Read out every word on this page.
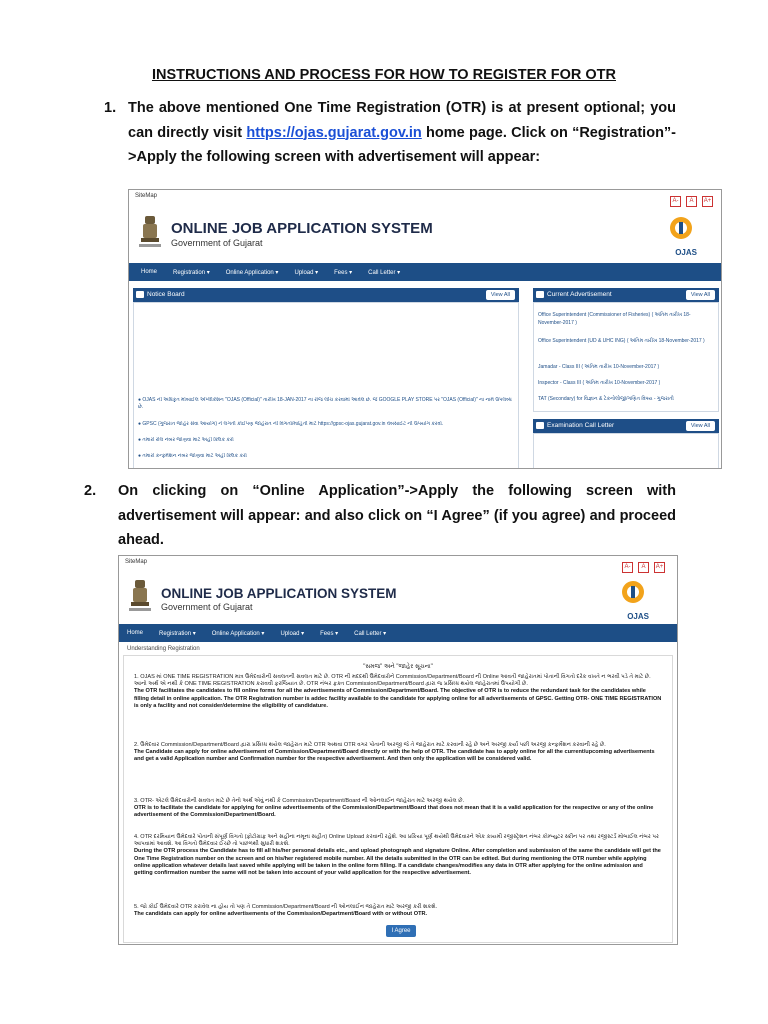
INSTRUCTIONS AND PROCESS FOR HOW TO REGISTER FOR OTR
1. The above mentioned One Time Registration (OTR) is at present optional; you can directly visit https://ojas.gujarat.gov.in home page. Click on “Registration”->Apply the following screen with advertisement will appear:

SiteMap
A-	A	A+
ONLINE JOB APPLICATION SYSTEM
Government of Gujarat
OJAS
Home	Registration ▾	Online Application ▾	Upload ▾	Fees ▾	Call Letter ▾
Notice Board	View All
● OJAS ની અધિકૃત મોબાઈલ એપ્લીકેશન "OJAS (Official)" તારીખ 18-JAN-2017 ના રોજ લોંચ કરવામાં આવેલ છે. જે GOOGLE PLAY STORE પર "OJAS (Official)" ના નામે ઉપલબ્ધ છે.
● GPSC (ગુજરાત જાહેર સેવા આયોગ) ને લગતી કોઈપણ જાહેરાત ની વિગતો/માહિતી માટે https://gpsc-ojas.gujarat.gov.in વેબસાઈટ ની ઉપયોગ કરવો.
● તમારો રોલ નંબર જાણવા માટે અહીં ક્લિક કરો
● તમારો કન્ફર્મેશન નંબર જાણવા માટે અહીં ક્લિક કરો
Current Advertisement	View All
Office Superintendent (Commissioner of Fisheries) ( અંતિમ તારીખ 18-November-2017 )
Office Superintendent (UD & UHC ING) ( અંતિમ તારીખ 18-November-2017 )
Jamadar - Class III ( અંતિમ તારીખ 10-November-2017 )
Inspector - Class III ( અંતિમ તારીખ 10-November-2017 )
TAT (Secondary) for વિજ્ઞાન & ટેકનોલોજી/ગણિત વિષય - ગુજરાતી
Examination Call Letter	View All
2. On clicking on “Online Application”->Apply the following screen with advertisement will appear: and also click on “I Agree” (if you agree) and proceed ahead.

SiteMap
A-	A	A+
ONLINE JOB APPLICATION SYSTEM
Government of Gujarat
OJAS
Home	Registration ▾	Online Application ▾	Upload ▾	Fees ▾	Call Letter ▾
Understanding Registration
"સમજ" અને "જાહેર સૂચના"
1. OJAS માં ONE TIME REGISTRATION માત્ર ઉમેદવારોની સવલતની સવલત માટે છે. OTR ની મદદથી ઉમેદવારોને Commission/Department/Board ની Online આવતી જાહેરાતમાં પોતાની વિગતો દરેક વખતે ન ભરવી પડે તે માટે છે. આનો અર્થ એ નથી કે ONE TIME REGISTRATION કરાવવી ફરજિયાત છે. OTR નંબર ફક્ત Commission/Department/Board દ્વારા જ પ્રસિધ્ધ થયેલ જાહેરાતમાં ઉપયોગી છે.
The OTR facilitates the candidates to fill online forms for all the advertisements of Commission/Department/Board. The objective of OTR is to reduce the redundant task for the candidates while filling detail in online application. The OTR Registration number is addec facility available to the candidate for applying online for all advertisements of GPSC. Getting OTR- ONE TIME REGISTRATION is only a facility and not consider/determine the eligibility of candidature.
2. ઉમેદવાર Commission/Department/Board દ્વારા પ્રસિધ્ધ થયેલ જાહેરાત માટે OTR અથવા OTR વગર પોતાની અરજી જે તે જાહેરાત માટે કરવાની રહે છે અને અરજી કર્યા પછી અરજી કન્ફર્મેશન કરવાની રહે છે.
The Candidate can apply for online advertisement of Commission/Department/Board directly or with the help of OTR. The candidate has to apply online for all the current/upcoming advertisements and get a valid Application number and Confirmation number for the respective advertisement. And then only the application will be considered valid.
3. OTR- એટલે ઉમેદવારોની સવલત માટે છે તેનો અર્થ એવું નથી કે Commission/Department/Board ની ઓનલાઈન જાહેરાત માટે અરજી થયેલ છે.
OTR is to facilitate the candidate for applying for online advertisements of the Commission/Department/Board that does not mean that it is a valid application for the respective or any of the online advertisement of the Commission/Department/Board.
4. OTR દરમિયાન ઉમેદવારે પોતાની સંપૂર્ણ વિગતો (ફોટોગ્રાફ અને સહીના નમૂના સહીત) Online Upload કરવાની રહેશે. આ પ્રકિયા પૂર્ણ થયેથી ઉમેદવારને એક કાયમી રજીસ્ટ્રેશન નંબર કોમ્પ્યુટર સ્ક્રીન પર તથા રજીસ્ટર્ડ મોબાઈલ નંબર પર આપવામાં આવશે. આ વિગતો ઉમેદવાર ઈચ્છે તો પાછળથી સુધારી શકશે.
During the OTR process the Candidate has to fill all his/her personal details etc., and upload photograph and signature Online. After completion and submission of the same the candidate will get the One Time Registration number on the screen and on his/her registered mobile number. All the details submitted in the OTR can be edited. But during mentioning the OTR number while applying online application whatever details last saved while applying will be taken in the online form filling. If a candidate changes/modifies any data in OTR after applying for the online admission and getting confirmation number the same will not be taken into account of your valid application for the respective advertisement.
5. જો કોઈ ઉમેદવારે OTR કરાવેલ ના હોય તો પણ તે Commission/Department/Board ની ઓનલાઈન જાહેરાત માટે અરજી કરી શકશે.
The candidats can apply for online advertisements of the Commission/Department/Board with or without OTR.
I Agree
